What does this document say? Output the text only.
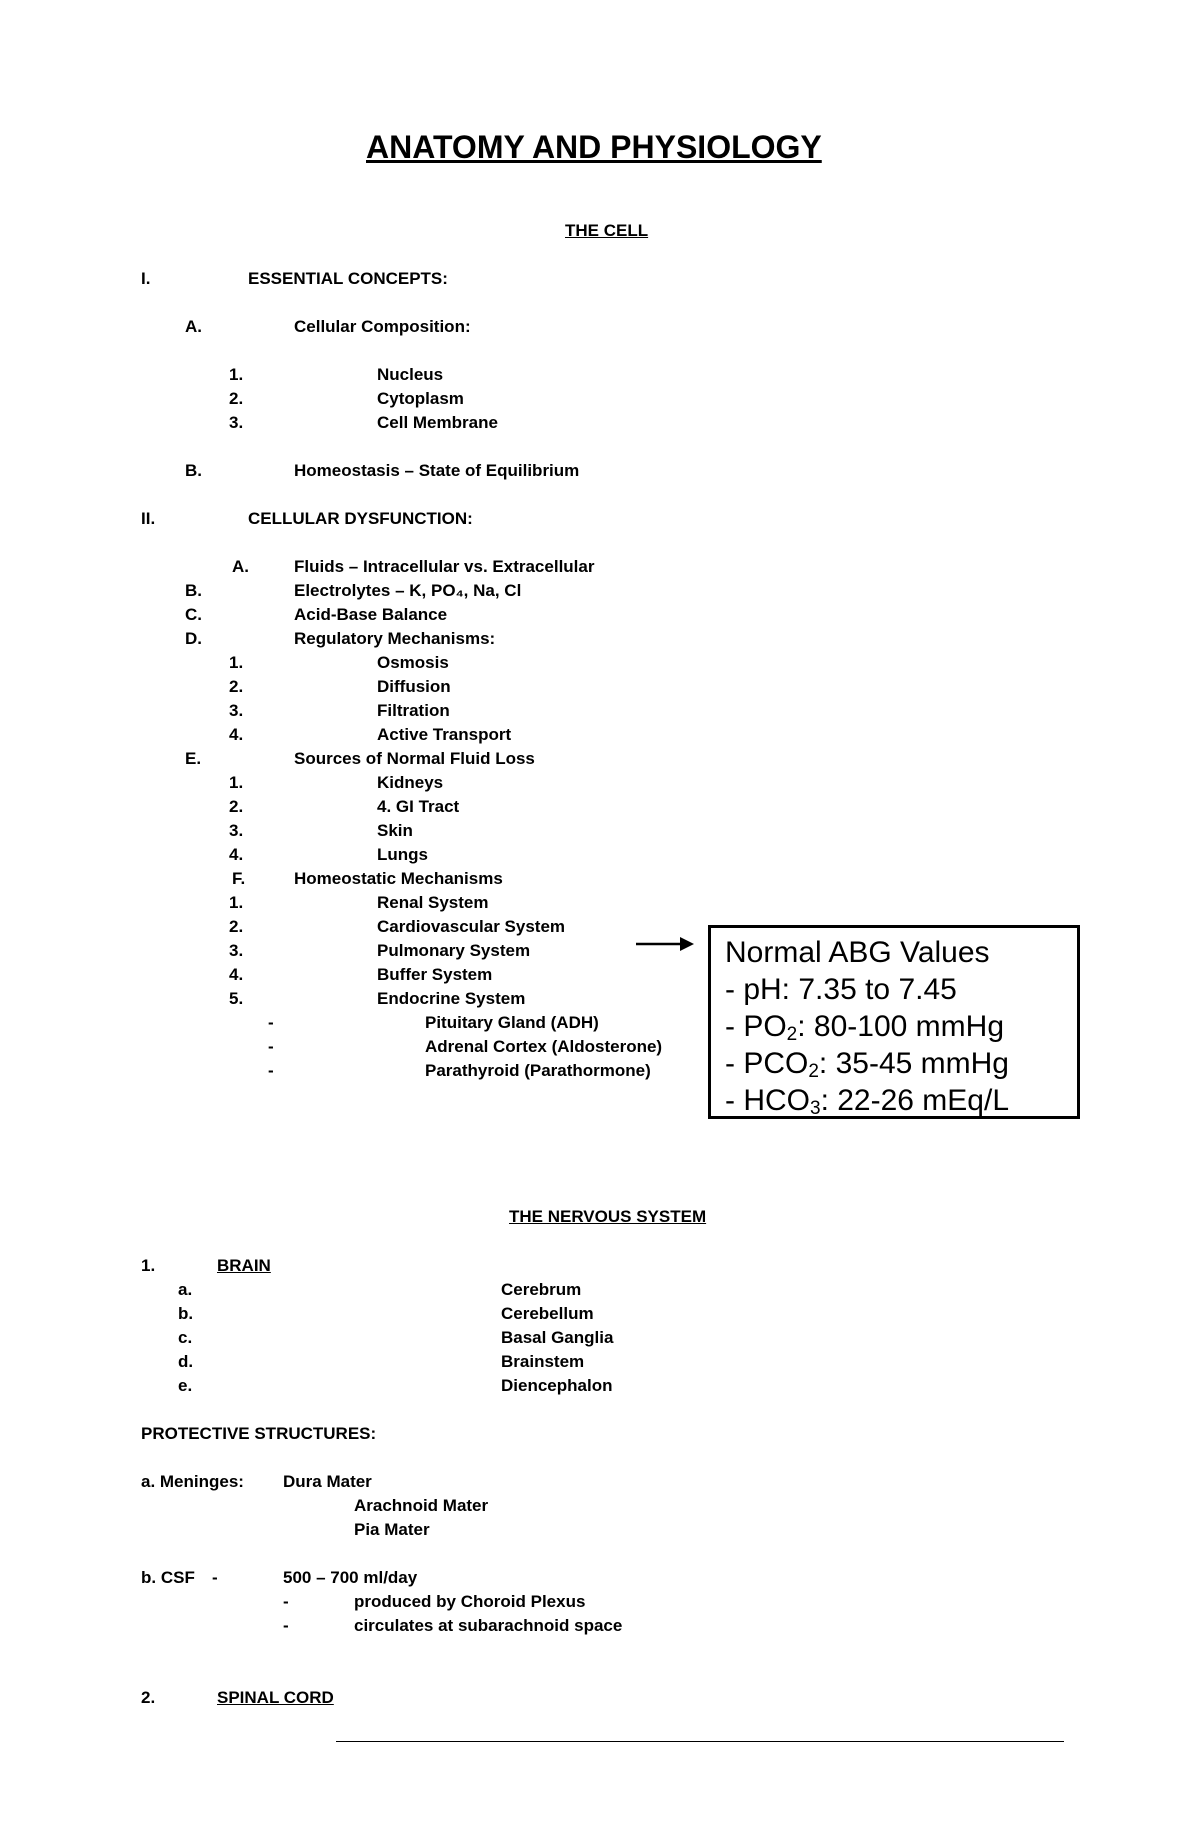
ANATOMY AND PHYSIOLOGY
THE CELL
I.	ESSENTIAL CONCEPTS:
A.	Cellular Composition:
1.	Nucleus
2.	Cytoplasm
3.	Cell Membrane
B.	Homeostasis – State of Equilibrium
II.	CELLULAR DYSFUNCTION:
A.	Fluids – Intracellular vs. Extracellular
B.	Electrolytes – K, PO₄, Na, Cl
C.	Acid-Base Balance
D.	Regulatory Mechanisms:
1.	Osmosis
2.	Diffusion
3.	Filtration
4.	Active Transport
E.	Sources of Normal Fluid Loss
1.	Kidneys
2.	4. GI Tract
3.	Skin
4.	Lungs
F.	Homeostatic Mechanisms
1.	Renal System
2.	Cardiovascular System
3.	Pulmonary System
4.	Buffer System
5.	Endocrine System
-	Pituitary Gland (ADH)
-	Adrenal Cortex (Aldosterone)
-	Parathyroid (Parathormone)
Normal ABG Values
- pH: 7.35 to 7.45
- $PO_2$: 80-100 mmHg
- $PCO_2$: 35-45 mmHg
- $HCO_3$: 22-26 mEq/L
THE NERVOUS SYSTEM
1.	BRAIN
a.	Cerebrum
b.	Cerebellum
c.	Basal Ganglia
d.	Brainstem
e.	Diencephalon
PROTECTIVE STRUCTURES:
a. Meninges: Dura Mater
Arachnoid Mater
Pia Mater
b. CSF -	500 – 700 ml/day
-	produced by Choroid Plexus
-	circulates at subarachnoid space
2.	SPINAL CORD
